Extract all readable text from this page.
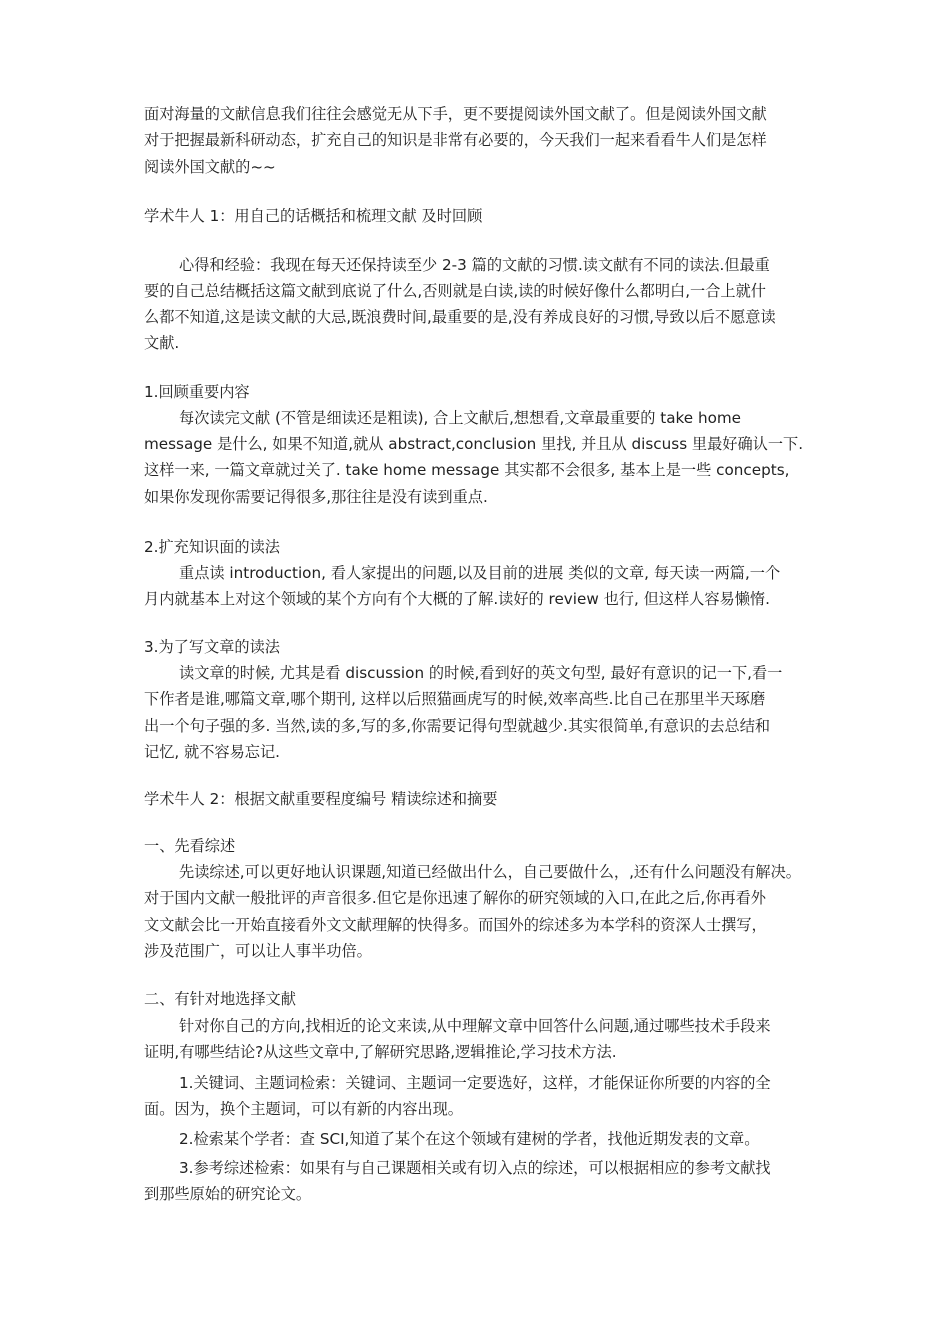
面对海量的文献信息我们往往会感觉无从下手，更不要提阅读外国文献了。但是阅读外国文献
对于把握最新科研动态，扩充自己的知识是非常有必要的，今天我们一起来看看牛人们是怎样
阅读外国文献的~~
学术牛人 1：用自己的话概括和梳理文献 及时回顾
心得和经验：我现在每天还保持读至少 2-3 篇的文献的习惯.读文献有不同的读法.但最重
要的自己总结概括这篇文献到底说了什么,否则就是白读,读的时候好像什么都明白,一合上就什
么都不知道,这是读文献的大忌,既浪费时间,最重要的是,没有养成良好的习惯,导致以后不愿意读
文献.
1.回顾重要内容
每次读完文献 (不管是细读还是粗读), 合上文献后,想想看,文章最重要的 take home
message 是什么, 如果不知道,就从 abstract,conclusion 里找, 并且从 discuss 里最好确认一下.
这样一来, 一篇文章就过关了. take home message 其实都不会很多, 基本上是一些 concepts,
如果你发现你需要记得很多,那往往是没有读到重点.
2.扩充知识面的读法
重点读 introduction, 看人家提出的问题,以及目前的进展 类似的文章, 每天读一两篇,一个
月内就基本上对这个领域的某个方向有个大概的了解.读好的 review 也行, 但这样人容易懒惰.
3.为了写文章的读法
读文章的时候, 尤其是看 discussion 的时候,看到好的英文句型, 最好有意识的记一下,看一
下作者是谁,哪篇文章,哪个期刊, 这样以后照猫画虎写的时候,效率高些.比自己在那里半天琢磨
出一个句子强的多. 当然,读的多,写的多,你需要记得句型就越少.其实很简单,有意识的去总结和
记忆, 就不容易忘记.
学术牛人 2：根据文献重要程度编号 精读综述和摘要
一、先看综述
先读综述,可以更好地认识课题,知道已经做出什么，自己要做什么，,还有什么问题没有解决。
对于国内文献一般批评的声音很多.但它是你迅速了解你的研究领域的入口,在此之后,你再看外
文文献会比一开始直接看外文文献理解的快得多。而国外的综述多为本学科的资深人士撰写，
涉及范围广，可以让人事半功倍。
二、有针对地选择文献
针对你自己的方向,找相近的论文来读,从中理解文章中回答什么问题,通过哪些技术手段来
证明,有哪些结论?从这些文章中,了解研究思路,逻辑推论,学习技术方法.
1.关键词、主题词检索：关键词、主题词一定要选好，这样，才能保证你所要的内容的全
面。因为，换个主题词，可以有新的内容出现。
2.检索某个学者：查 SCI,知道了某个在这个领域有建树的学者，找他近期发表的文章。
3.参考综述检索：如果有与自己课题相关或有切入点的综述，可以根据相应的参考文献找
到那些原始的研究论文。
